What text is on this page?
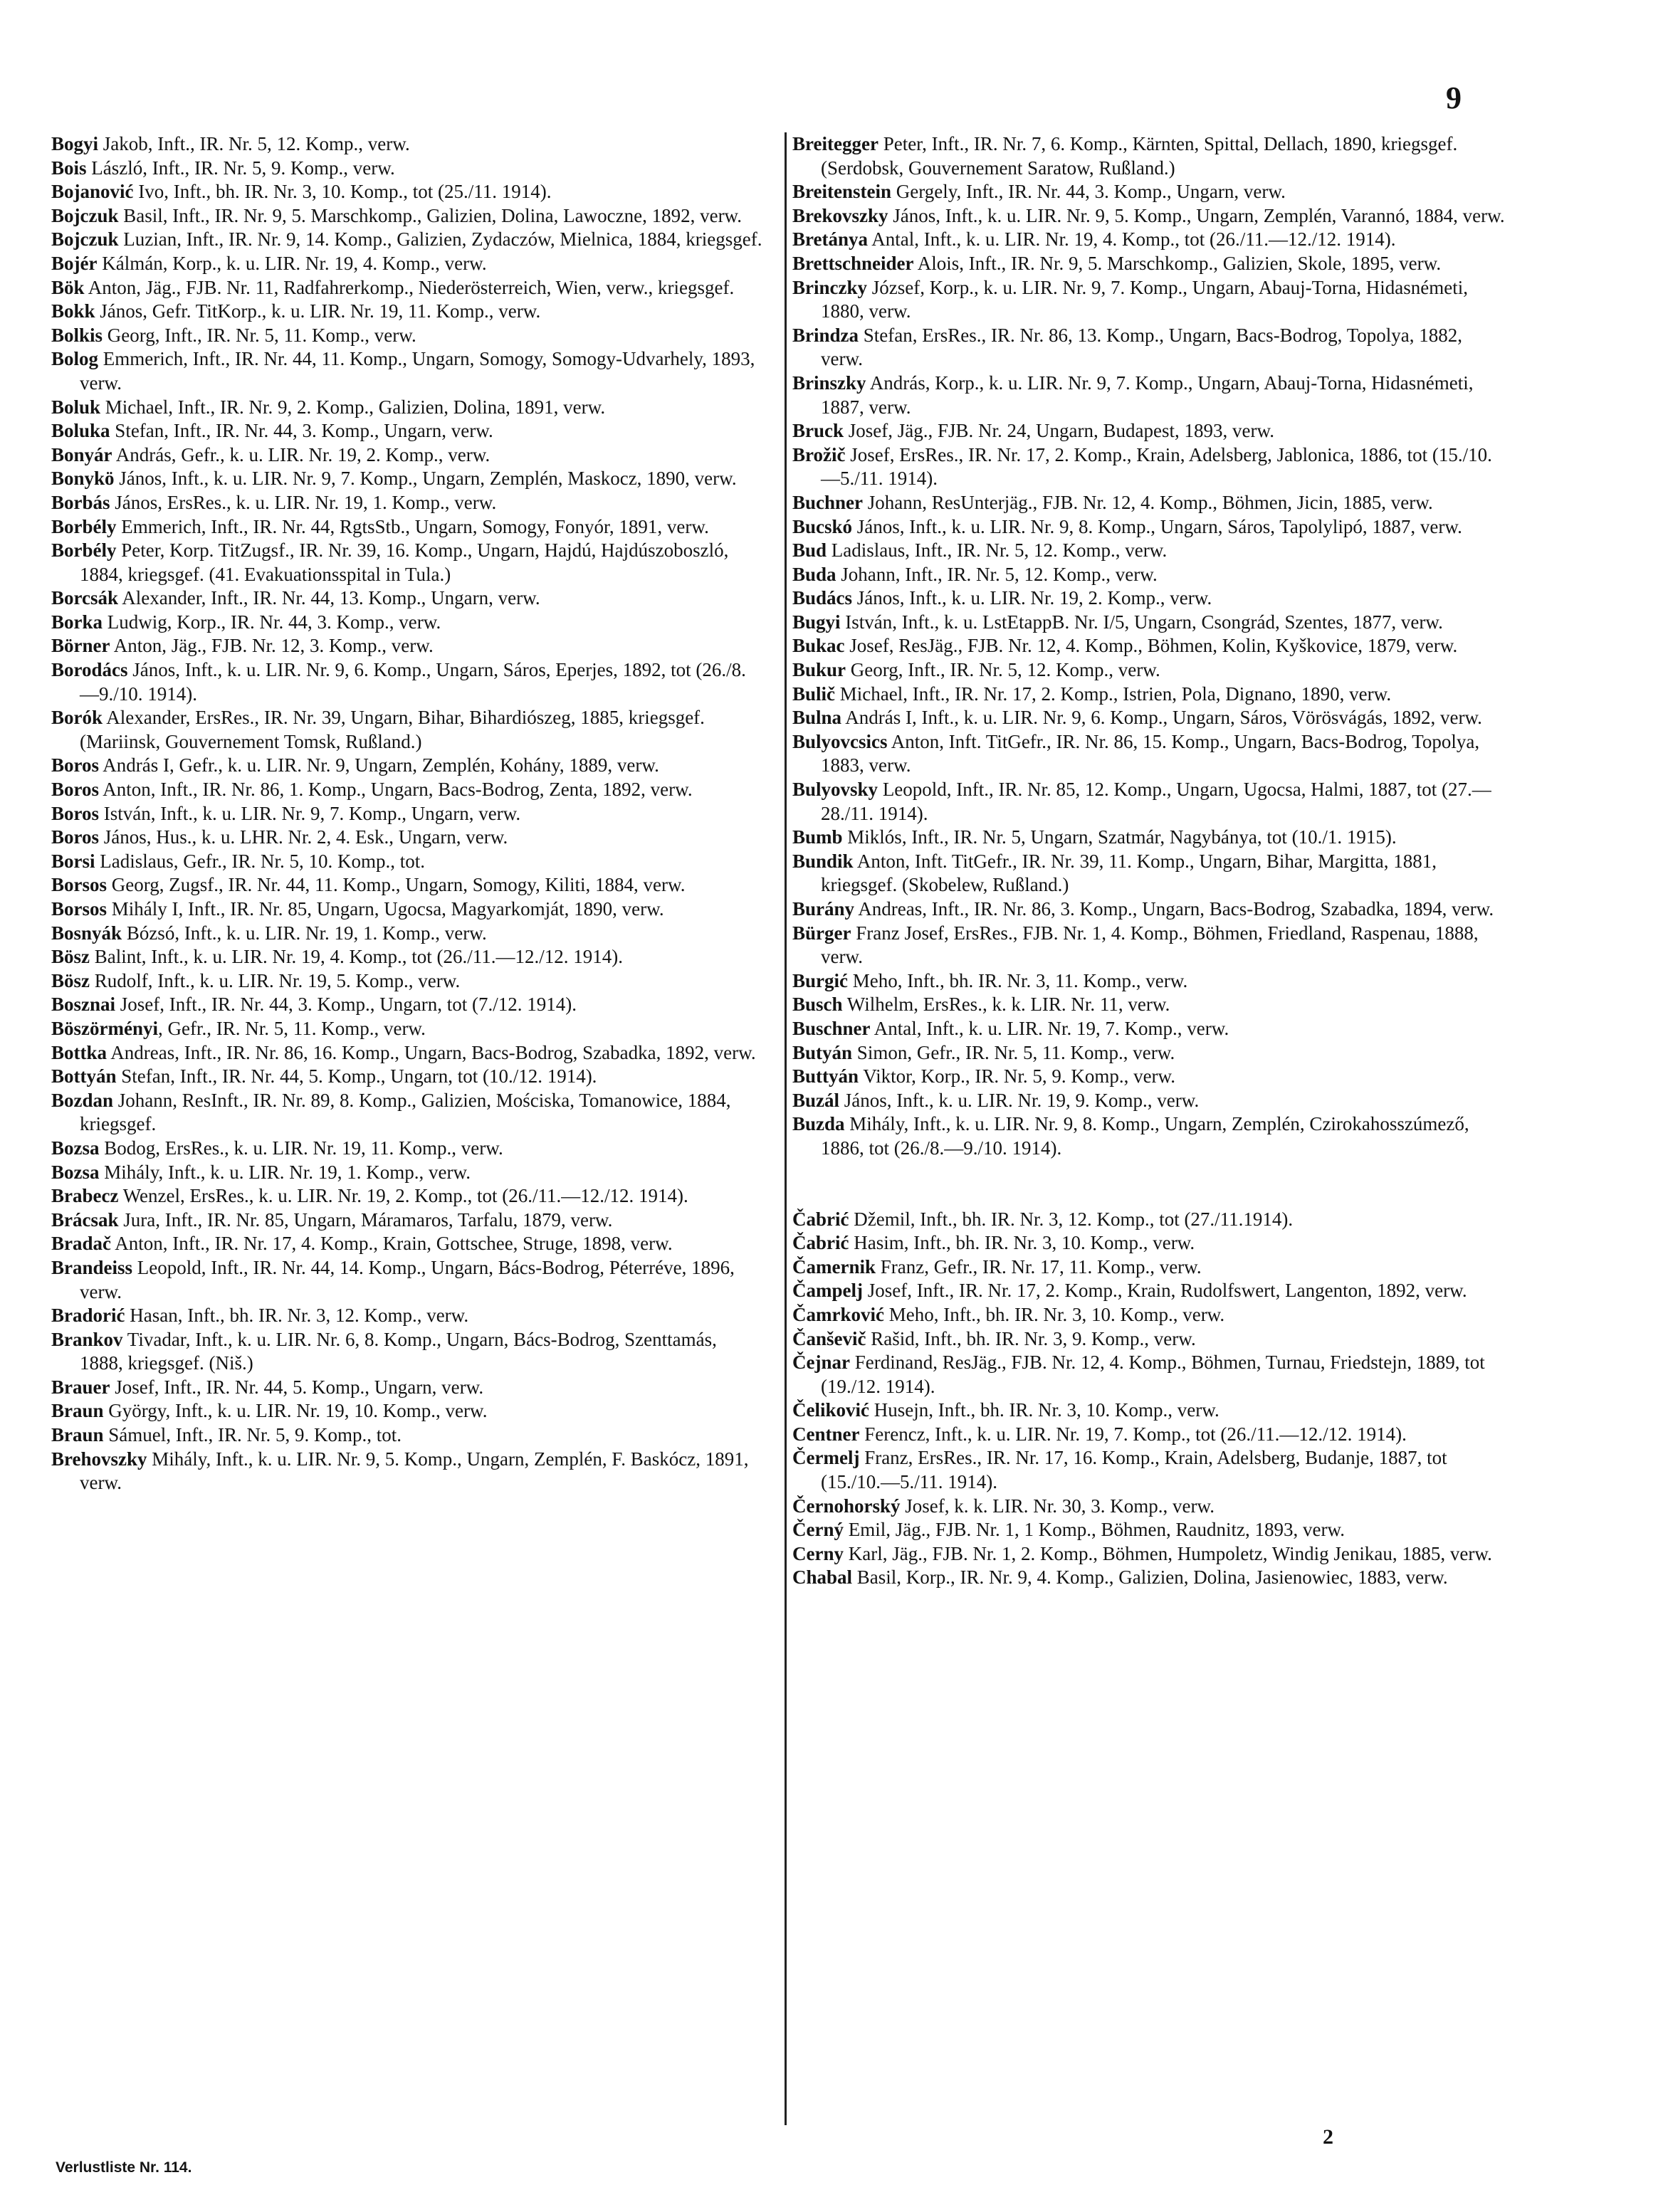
9

Bogyi Jakob, Inft., IR. Nr. 5, 12. Komp., verw.

Bois László, Inft., IR. Nr. 5, 9. Komp., verw.

Bojanović Ivo, Inft., bh. IR. Nr. 3, 10. Komp., tot (25./11. 1914).

Bojczuk Basil, Inft., IR. Nr. 9, 5. Marschkomp., Galizien, Dolina, Lawoczne, 1892, verw.

Bojczuk Luzian, Inft., IR. Nr. 9, 14. Komp., Galizien, Zydaczów, Mielnica, 1884, kriegsgef.

Bojér Kálmán, Korp., k. u. LIR. Nr. 19, 4. Komp., verw.

Bök Anton, Jäg., FJB. Nr. 11, Radfahrerkomp., Niederösterreich, Wien, verw., kriegsgef.

Bokk János, Gefr. TitKorp., k. u. LIR. Nr. 19, 11. Komp., verw.

Bolkis Georg, Inft., IR. Nr. 5, 11. Komp., verw.

Bolog Emmerich, Inft., IR. Nr. 44, 11. Komp., Ungarn, Somogy, Somogy-Udvarhely, 1893, verw.

Boluk Michael, Inft., IR. Nr. 9, 2. Komp., Galizien, Dolina, 1891, verw.

Boluka Stefan, Inft., IR. Nr. 44, 3. Komp., Ungarn, verw.

Bonyár András, Gefr., k. u. LIR. Nr. 19, 2. Komp., verw.

Bonykö János, Inft., k. u. LIR. Nr. 9, 7. Komp., Ungarn, Zemplén, Maskocz, 1890, verw.

Borbás János, ErsRes., k. u. LIR. Nr. 19, 1. Komp., verw.

Borbély Emmerich, Inft., IR. Nr. 44, RgtsStb., Ungarn, Somogy, Fonyór, 1891, verw.

Borbély Peter, Korp. TitZugsf., IR. Nr. 39, 16. Komp., Ungarn, Hajdú, Hajdúszoboszló, 1884, kriegsgef. (41. Evakuationsspital in Tula.)

Borcsák Alexander, Inft., IR. Nr. 44, 13. Komp., Ungarn, verw.

Borka Ludwig, Korp., IR. Nr. 44, 3. Komp., verw.

Börner Anton, Jäg., FJB. Nr. 12, 3. Komp., verw.

Borodács János, Inft., k. u. LIR. Nr. 9, 6. Komp., Ungarn, Sáros, Eperjes, 1892, tot (26./8.—9./10. 1914).

Borók Alexander, ErsRes., IR. Nr. 39, Ungarn, Bihar, Bihardiószeg, 1885, kriegsgef. (Mariinsk, Gouvernement Tomsk, Rußland.)

Boros András I, Gefr., k. u. LIR. Nr. 9, Ungarn, Zemplén, Kohány, 1889, verw.

Boros Anton, Inft., IR. Nr. 86, 1. Komp., Ungarn, Bacs-Bodrog, Zenta, 1892, verw.

Boros István, Inft., k. u. LIR. Nr. 9, 7. Komp., Ungarn, verw.

Boros János, Hus., k. u. LHR. Nr. 2, 4. Esk., Ungarn, verw.

Borsi Ladislaus, Gefr., IR. Nr. 5, 10. Komp., tot.

Borsos Georg, Zugsf., IR. Nr. 44, 11. Komp., Ungarn, Somogy, Kiliti, 1884, verw.

Borsos Mihály I, Inft., IR. Nr. 85, Ungarn, Ugocsa, Magyarkomját, 1890, verw.

Bosnyák Bózsó, Inft., k. u. LIR. Nr. 19, 1. Komp., verw.

Bösz Balint, Inft., k. u. LIR. Nr. 19, 4. Komp., tot (26./11.—12./12. 1914).

Bösz Rudolf, Inft., k. u. LIR. Nr. 19, 5. Komp., verw.

Bosznai Josef, Inft., IR. Nr. 44, 3. Komp., Ungarn, tot (7./12. 1914).

Böszörményi, Gefr., IR. Nr. 5, 11. Komp., verw.

Bottka Andreas, Inft., IR. Nr. 86, 16. Komp., Ungarn, Bacs-Bodrog, Szabadka, 1892, verw.

Bottyán Stefan, Inft., IR. Nr. 44, 5. Komp., Ungarn, tot (10./12. 1914).

Bozdan Johann, ResInft., IR. Nr. 89, 8. Komp., Galizien, Mościska, Tomanowice, 1884, kriegsgef.

Bozsa Bodog, ErsRes., k. u. LIR. Nr. 19, 11. Komp., verw.

Bozsa Mihály, Inft., k. u. LIR. Nr. 19, 1. Komp., verw.

Brabecz Wenzel, ErsRes., k. u. LIR. Nr. 19, 2. Komp., tot (26./11.—12./12. 1914).

Brácsak Jura, Inft., IR. Nr. 85, Ungarn, Máramaros, Tarfalu, 1879, verw.

Bradač Anton, Inft., IR. Nr. 17, 4. Komp., Krain, Gottschee, Struge, 1898, verw.

Brandeiss Leopold, Inft., IR. Nr. 44, 14. Komp., Ungarn, Bács-Bodrog, Péterréve, 1896, verw.

Bradorić Hasan, Inft., bh. IR. Nr. 3, 12. Komp., verw.

Brankov Tivadar, Inft., k. u. LIR. Nr. 6, 8. Komp., Ungarn, Bács-Bodrog, Szenttamás, 1888, kriegsgef. (Niš.)

Brauer Josef, Inft., IR. Nr. 44, 5. Komp., Ungarn, verw.

Braun György, Inft., k. u. LIR. Nr. 19, 10. Komp., verw.

Braun Sámuel, Inft., IR. Nr. 5, 9. Komp., tot.

Brehovszky Mihály, Inft., k. u. LIR. Nr. 9, 5. Komp., Ungarn, Zemplén, F. Baskócz, 1891, verw.

Breitegger Peter, Inft., IR. Nr. 7, 6. Komp., Kärnten, Spittal, Dellach, 1890, kriegsgef. (Serdobsk, Gouvernement Saratow, Rußland.)

Breitenstein Gergely, Inft., IR. Nr. 44, 3. Komp., Ungarn, verw.

Brekovszky János, Inft., k. u. LIR. Nr. 9, 5. Komp., Ungarn, Zemplén, Varannó, 1884, verw.

Bretánya Antal, Inft., k. u. LIR. Nr. 19, 4. Komp., tot (26./11.—12./12. 1914).

Brettschneider Alois, Inft., IR. Nr. 9, 5. Marschkomp., Galizien, Skole, 1895, verw.

Brinczky József, Korp., k. u. LIR. Nr. 9, 7. Komp., Ungarn, Abauj-Torna, Hidasnémeti, 1880, verw.

Brindza Stefan, ErsRes., IR. Nr. 86, 13. Komp., Ungarn, Bacs-Bodrog, Topolya, 1882, verw.

Brinszky András, Korp., k. u. LIR. Nr. 9, 7. Komp., Ungarn, Abauj-Torna, Hidasnémeti, 1887, verw.

Bruck Josef, Jäg., FJB. Nr. 24, Ungarn, Budapest, 1893, verw.

Brožič Josef, ErsRes., IR. Nr. 17, 2. Komp., Krain, Adelsberg, Jablonica, 1886, tot (15./10.—5./11. 1914).

Buchner Johann, ResUnterjäg., FJB. Nr. 12, 4. Komp., Böhmen, Jicin, 1885, verw.

Bucskó János, Inft., k. u. LIR. Nr. 9, 8. Komp., Ungarn, Sáros, Tapolylipó, 1887, verw.

Bud Ladislaus, Inft., IR. Nr. 5, 12. Komp., verw.

Buda Johann, Inft., IR. Nr. 5, 12. Komp., verw.

Budács János, Inft., k. u. LIR. Nr. 19, 2. Komp., verw.

Bugyi István, Inft., k. u. LstEtappB. Nr. I/5, Ungarn, Csongrád, Szentes, 1877, verw.

Bukac Josef, ResJäg., FJB. Nr. 12, 4. Komp., Böhmen, Kolin, Kyškovice, 1879, verw.

Bukur Georg, Inft., IR. Nr. 5, 12. Komp., verw.

Bulič Michael, Inft., IR. Nr. 17, 2. Komp., Istrien, Pola, Dignano, 1890, verw.

Bulna András I, Inft., k. u. LIR. Nr. 9, 6. Komp., Ungarn, Sáros, Vörösvágás, 1892, verw.

Bulyovcsics Anton, Inft. TitGefr., IR. Nr. 86, 15. Komp., Ungarn, Bacs-Bodrog, Topolya, 1883, verw.

Bulyovsky Leopold, Inft., IR. Nr. 85, 12. Komp., Ungarn, Ugocsa, Halmi, 1887, tot (27.—28./11. 1914).

Bumb Miklós, Inft., IR. Nr. 5, Ungarn, Szatmár, Nagybánya, tot (10./1. 1915).

Bundik Anton, Inft. TitGefr., IR. Nr. 39, 11. Komp., Ungarn, Bihar, Margitta, 1881, kriegsgef. (Skobelew, Rußland.)

Burány Andreas, Inft., IR. Nr. 86, 3. Komp., Ungarn, Bacs-Bodrog, Szabadka, 1894, verw.

Bürger Franz Josef, ErsRes., FJB. Nr. 1, 4. Komp., Böhmen, Friedland, Raspenau, 1888, verw.

Burgić Meho, Inft., bh. IR. Nr. 3, 11. Komp., verw.

Busch Wilhelm, ErsRes., k. k. LIR. Nr. 11, verw.

Buschner Antal, Inft., k. u. LIR. Nr. 19, 7. Komp., verw.

Butyán Simon, Gefr., IR. Nr. 5, 11. Komp., verw.

Buttyán Viktor, Korp., IR. Nr. 5, 9. Komp., verw.

Buzál János, Inft., k. u. LIR. Nr. 19, 9. Komp., verw.

Buzda Mihály, Inft., k. u. LIR. Nr. 9, 8. Komp., Ungarn, Zemplén, Czirokahosszúmező, 1886, tot (26./8.—9./10. 1914).

Čabrić Džemil, Inft., bh. IR. Nr. 3, 12. Komp., tot (27./11.1914).

Čabrić Hasim, Inft., bh. IR. Nr. 3, 10. Komp., verw.

Čamernik Franz, Gefr., IR. Nr. 17, 11. Komp., verw.

Čampelj Josef, Inft., IR. Nr. 17, 2. Komp., Krain, Rudolfswert, Langenton, 1892, verw.

Čamrković Meho, Inft., bh. IR. Nr. 3, 10. Komp., verw.

Čanševič Rašid, Inft., bh. IR. Nr. 3, 9. Komp., verw.

Čejnar Ferdinand, ResJäg., FJB. Nr. 12, 4. Komp., Böhmen, Turnau, Friedstejn, 1889, tot (19./12. 1914).

Čeliković Husejn, Inft., bh. IR. Nr. 3, 10. Komp., verw.

Centner Ferencz, Inft., k. u. LIR. Nr. 19, 7. Komp., tot (26./11.—12./12. 1914).

Čermelj Franz, ErsRes., IR. Nr. 17, 16. Komp., Krain, Adelsberg, Budanje, 1887, tot (15./10.—5./11. 1914).

Černohorský Josef, k. k. LIR. Nr. 30, 3. Komp., verw.

Černý Emil, Jäg., FJB. Nr. 1, 1 Komp., Böhmen, Raudnitz, 1893, verw.

Cerny Karl, Jäg., FJB. Nr. 1, 2. Komp., Böhmen, Humpoletz, Windig Jenikau, 1885, verw.

Chabal Basil, Korp., IR. Nr. 9, 4. Komp., Galizien, Dolina, Jasienowiec, 1883, verw.

Verlustliste Nr. 114.
2
